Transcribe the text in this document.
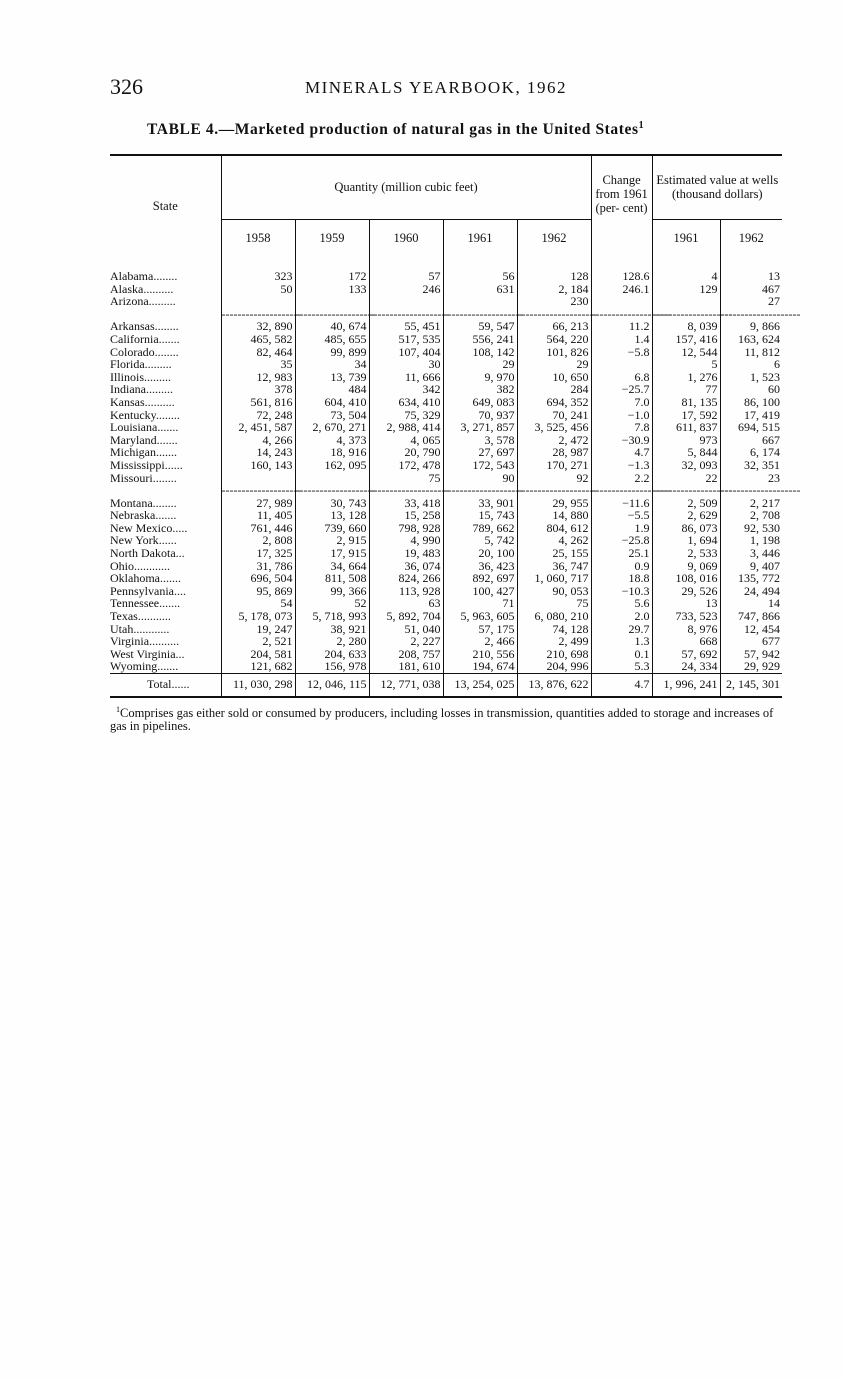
326	MINERALS YEARBOOK, 1962
TABLE 4.—Marketed production of natural gas in the United States$^1$
State	Quantity (million cubic feet)					Change from 1961 (per- cent)	Estimated value at wells (thousand dollars)	
	1958	1959	1960	1961	1962		1961	1962

Alabama........	323	172	57	56	128	128.6	4	13
Alaska..........	50	133	246	631	2, 184	246.1	129	467
Arizona.........					230			27
	--------------------	--------------------	--------------------	--------------------	--------------------	--------------------	--------------------	--------------------
Arkansas........	32, 890	40, 674	55, 451	59, 547	66, 213	11.2	8, 039	9, 866
California.......	465, 582	485, 655	517, 535	556, 241	564, 220	1.4	157, 416	163, 624
Colorado........	82, 464	99, 899	107, 404	108, 142	101, 826	−5.8	12, 544	11, 812
Florida.........	35	34	30	29	29		5	6
Illinois.........	12, 983	13, 739	11, 666	9, 970	10, 650	6.8	1, 276	1, 523
Indiana.........	378	484	342	382	284	−25.7	77	60
Kansas..........	561, 816	604, 410	634, 410	649, 083	694, 352	7.0	81, 135	86, 100
Kentucky........	72, 248	73, 504	75, 329	70, 937	70, 241	−1.0	17, 592	17, 419
Louisiana.......	2, 451, 587	2, 670, 271	2, 988, 414	3, 271, 857	3, 525, 456	7.8	611, 837	694, 515
Maryland.......	4, 266	4, 373	4, 065	3, 578	2, 472	−30.9	973	667
Michigan.......	14, 243	18, 916	20, 790	27, 697	28, 987	4.7	5, 844	6, 174
Mississippi......	160, 143	162, 095	172, 478	172, 543	170, 271	−1.3	32, 093	32, 351
Missouri........			75	90	92	2.2	22	23
	--------------------	--------------------	--------------------	--------------------	--------------------	--------------------	--------------------	--------------------
Montana........	27, 989	30, 743	33, 418	33, 901	29, 955	−11.6	2, 509	2, 217
Nebraska.......	11, 405	13, 128	15, 258	15, 743	14, 880	−5.5	2, 629	2, 708
New Mexico.....	761, 446	739, 660	798, 928	789, 662	804, 612	1.9	86, 073	92, 530
New York......	2, 808	2, 915	4, 990	5, 742	4, 262	−25.8	1, 694	1, 198
North Dakota...	17, 325	17, 915	19, 483	20, 100	25, 155	25.1	2, 533	3, 446
Ohio............	31, 786	34, 664	36, 074	36, 423	36, 747	0.9	9, 069	9, 407
Oklahoma.......	696, 504	811, 508	824, 266	892, 697	1, 060, 717	18.8	108, 016	135, 772
Pennsylvania....	95, 869	99, 366	113, 928	100, 427	90, 053	−10.3	29, 526	24, 494
Tennessee.......	54	52	63	71	75	5.6	13	14
Texas...........	5, 178, 073	5, 718, 993	5, 892, 704	5, 963, 605	6, 080, 210	2.0	733, 523	747, 866
Utah............	19, 247	38, 921	51, 040	57, 175	74, 128	29.7	8, 976	12, 454
Virginia..........	2, 521	2, 280	2, 227	2, 466	2, 499	1.3	668	677
West Virginia...	204, 581	204, 633	208, 757	210, 556	210, 698	0.1	57, 692	57, 942
Wyoming.......	121, 682	156, 978	181, 610	194, 674	204, 996	5.3	24, 334	29, 929
Total......	11, 030, 298	12, 046, 115	12, 771, 038	13, 254, 025	13, 876, 622	4.7	1, 996, 241	2, 145, 301
$^1$Comprises gas either sold or consumed by producers, including losses in transmission, quantities added to storage and increases of gas in pipelines.
